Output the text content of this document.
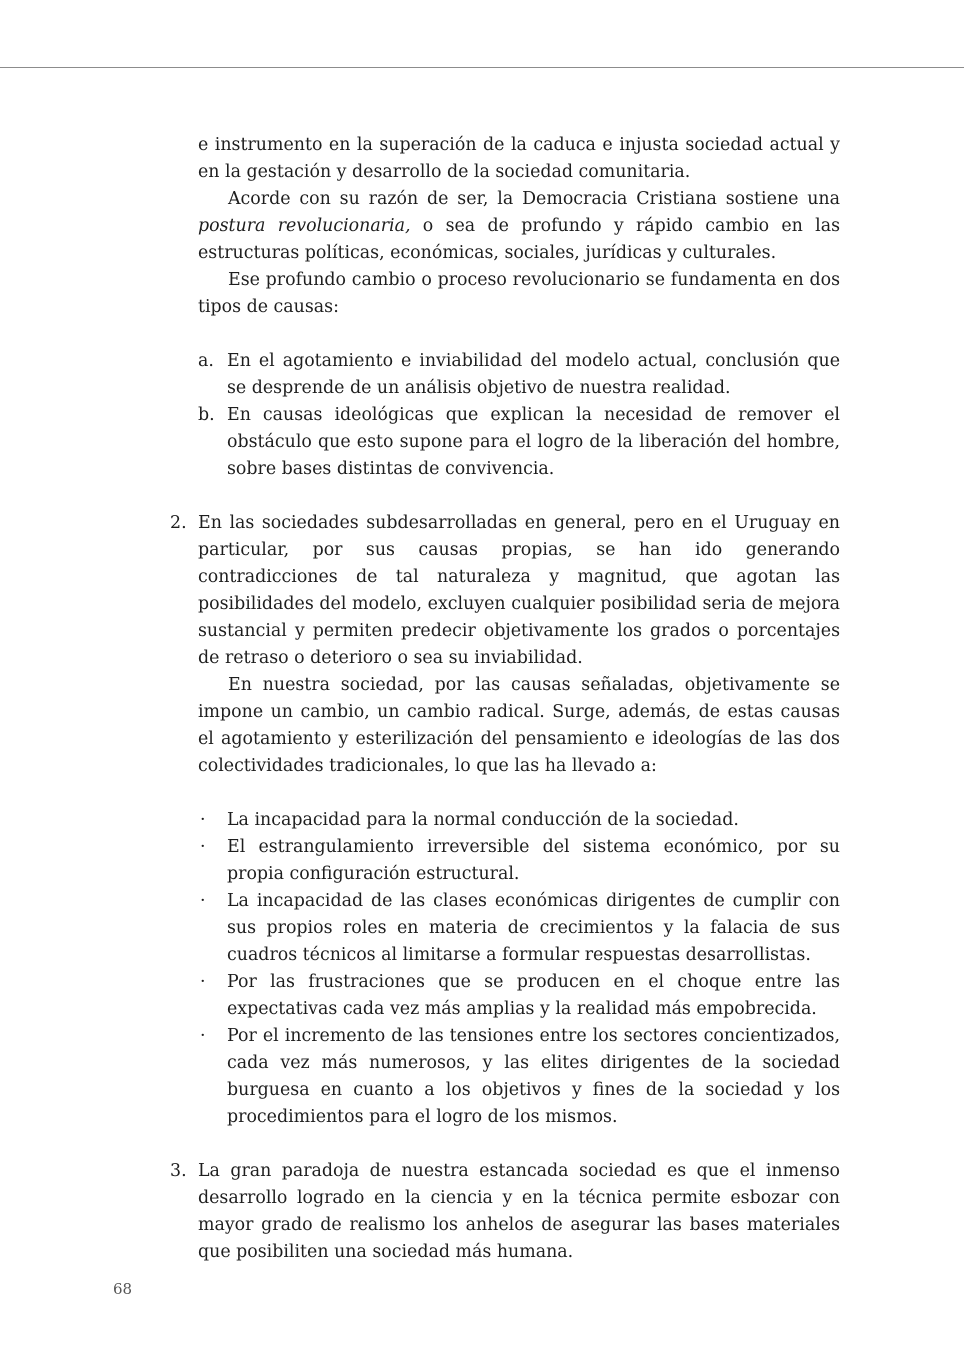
e instrumento en la superación de la caduca e injusta sociedad actual y en la gestación y desarrollo de la sociedad comunitaria.

Acorde con su razón de ser, la Democracia Cristiana sostiene una postura revolucionaria, o sea de profundo y rápido cambio en las estructuras políticas, económicas, sociales, jurídicas y culturales.

Ese profundo cambio o proceso revolucionario se fundamenta en dos tipos de causas:

a. En el agotamiento e inviabilidad del modelo actual, conclusión que se desprende de un análisis objetivo de nuestra realidad.
b. En causas ideológicas que explican la necesidad de remover el obstáculo que esto supone para el logro de la liberación del hombre, sobre bases distintas de convivencia.
2. En las sociedades subdesarrolladas en general, pero en el Uruguay en particular, por sus causas propias, se han ido generando contradicciones de tal naturaleza y magnitud, que agotan las posibilidades del modelo, excluyen cualquier posibilidad seria de mejora sustancial y permiten predecir objetivamente los grados o porcentajes de retraso o deterioro o sea su inviabilidad.

En nuestra sociedad, por las causas señaladas, objetivamente se impone un cambio, un cambio radical. Surge, además, de estas causas el agotamiento y esterilización del pensamiento e ideologías de las dos colectividades tradicionales, lo que las ha llevado a:

· La incapacidad para la normal conducción de la sociedad.
· El estrangulamiento irreversible del sistema económico, por su propia configuración estructural.
· La incapacidad de las clases económicas dirigentes de cumplir con sus propios roles en materia de crecimientos y la falacia de sus cuadros técnicos al limitarse a formular respuestas desarrollistas.
· Por las frustraciones que se producen en el choque entre las expectativas cada vez más amplias y la realidad más empobrecida.
· Por el incremento de las tensiones entre los sectores concientizados, cada vez más numerosos, y las elites dirigentes de la sociedad burguesa en cuanto a los objetivos y fines de la sociedad y los procedimientos para el logro de los mismos.
3. La gran paradoja de nuestra estancada sociedad es que el inmenso desarrollo logrado en la ciencia y en la técnica permite esbozar con mayor grado de realismo los anhelos de asegurar las bases materiales que posibiliten una sociedad más humana.

68
